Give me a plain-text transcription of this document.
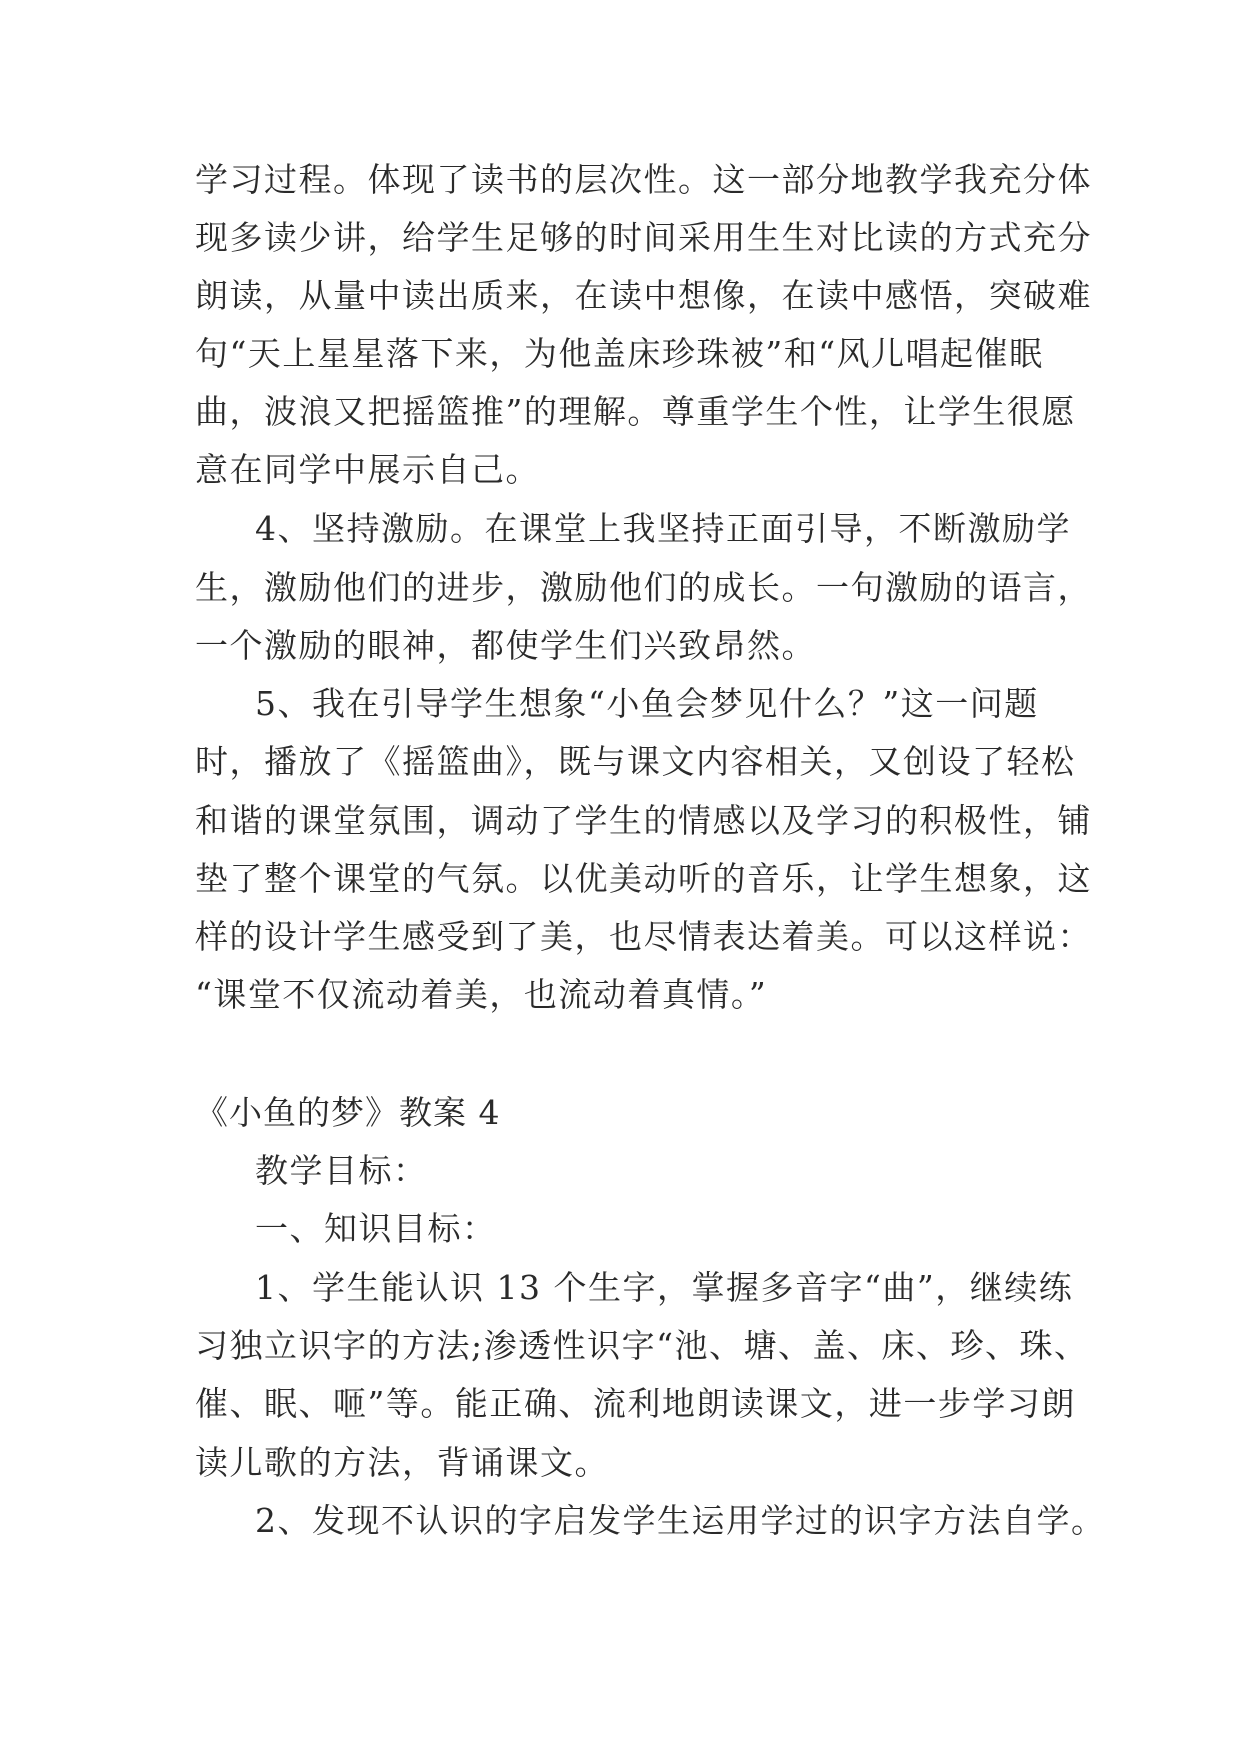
学习过程。体现了读书的层次性。这一部分地教学我充分体
现多读少讲，给学生足够的时间采用生生对比读的方式充分
朗读，从量中读出质来，在读中想像，在读中感悟，突破难
句“天上星星落下来，为他盖床珍珠被”和“风儿唱起催眠
曲，波浪又把摇篮推”的理解。尊重学生个性，让学生很愿
意在同学中展示自己。
4、坚持激励。在课堂上我坚持正面引导，不断激励学
生，激励他们的进步，激励他们的成长。一句激励的语言，
一个激励的眼神，都使学生们兴致昂然。
5、我在引导学生想象“小鱼会梦见什么？”这一问题
时，播放了《摇篮曲》，既与课文内容相关，又创设了轻松
和谐的课堂氛围，调动了学生的情感以及学习的积极性，铺
垫了整个课堂的气氛。以优美动听的音乐，让学生想象，这
样的设计学生感受到了美，也尽情表达着美。可以这样说：
“课堂不仅流动着美，也流动着真情。”
《小鱼的梦》教案 4
教学目标：
一、知识目标：
1、学生能认识 13 个生字，掌握多音字“曲”，继续练
习独立识字的方法;渗透性识字“池、塘、盖、床、珍、珠、
催、眠、咂”等。能正确、流利地朗读课文，进一步学习朗
读儿歌的方法，背诵课文。
2、发现不认识的字启发学生运用学过的识字方法自学。
